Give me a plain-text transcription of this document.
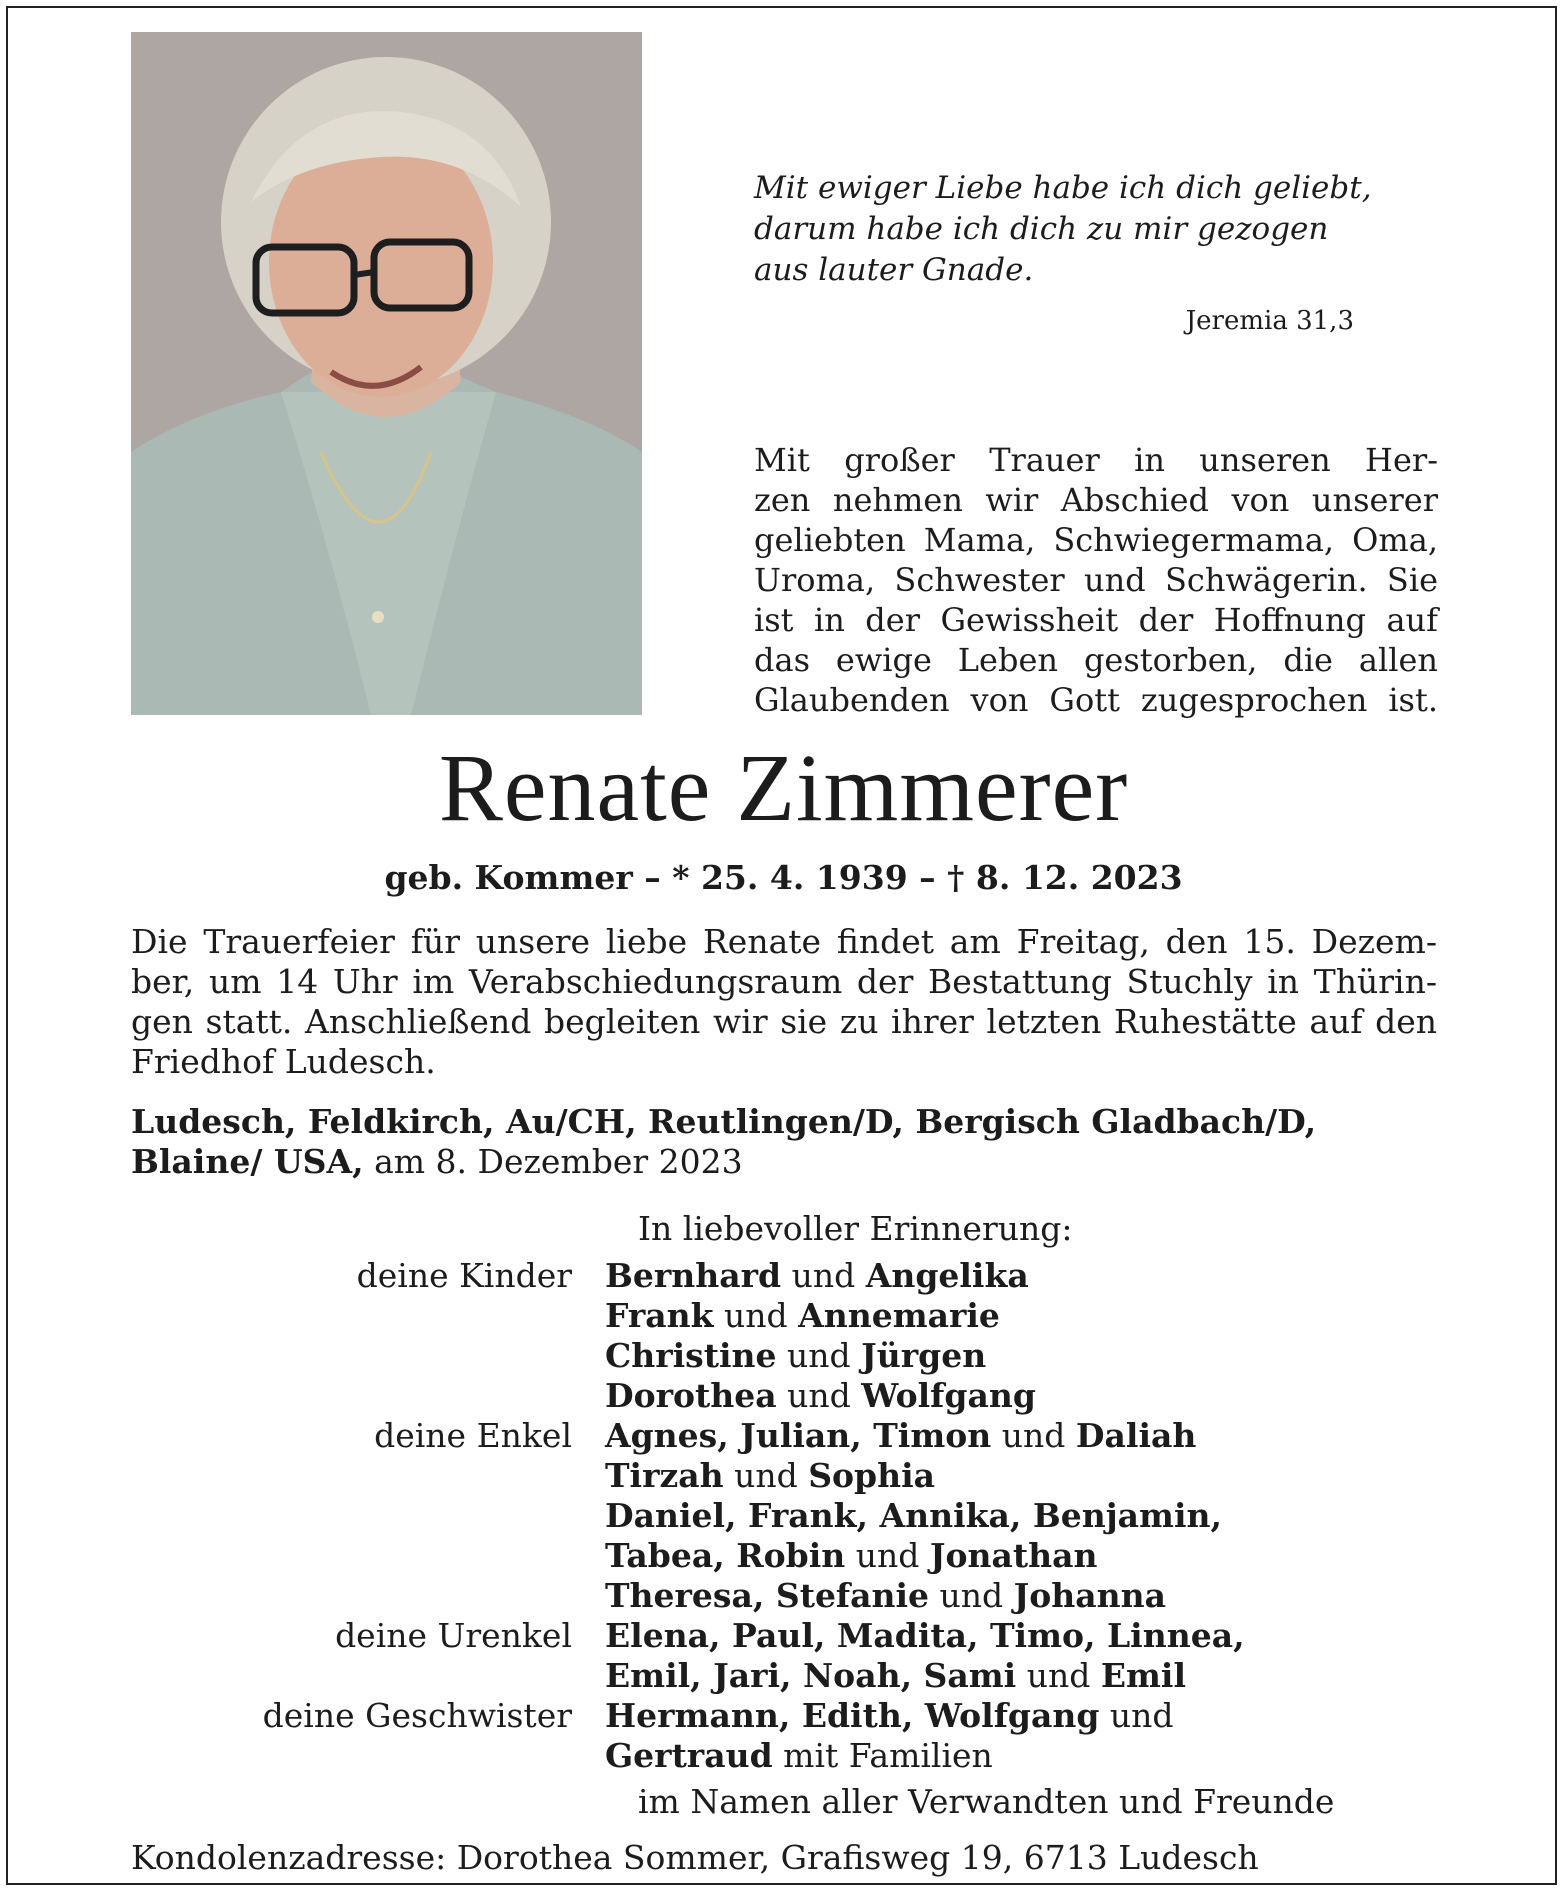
Mit ewiger Liebe habe ich dich geliebt,
darum habe ich dich zu mir gezogen
aus lauter Gnade.
Jeremia 31,3
Mit großer Trauer in unseren Her-
zen nehmen wir Abschied von unserer
geliebten Mama, Schwiegermama, Oma,
Uroma, Schwester und Schwägerin. Sie
ist in der Gewissheit der Hoffnung auf
das ewige Leben gestorben, die allen
Glaubenden von Gott zugesprochen ist.
Renate Zimmerer
geb. Kommer – * 25. 4. 1939 – † 8. 12. 2023
Die Trauerfeier für unsere liebe Renate findet am Freitag, den 15. Dezem-
ber, um 14 Uhr im Verabschiedungsraum der Bestattung Stuchly in Thürin-
gen statt. Anschließend begleiten wir sie zu ihrer letzten Ruhestätte auf den
Friedhof Ludesch.
Ludesch, Feldkirch, Au/CH, Reutlingen/D, Bergisch Gladbach/D,
Blaine/ USA, am 8. Dezember 2023
In liebevoller Erinnerung:
deine Kinder	Bernhard und Angelika
Frank und Annemarie
Christine und Jürgen
Dorothea und Wolfgang
deine Enkel	Agnes, Julian, Timon und Daliah
Tirzah und Sophia
Daniel, Frank, Annika, Benjamin,
Tabea, Robin und Jonathan
Theresa, Stefanie und Johanna
deine Urenkel	Elena, Paul, Madita, Timo, Linnea,
Emil, Jari, Noah, Sami und Emil
deine Geschwister	Hermann, Edith, Wolfgang und
Gertraud mit Familien
im Namen aller Verwandten und Freunde
Kondolenzadresse: Dorothea Sommer, Grafisweg 19, 6713 Ludesch
